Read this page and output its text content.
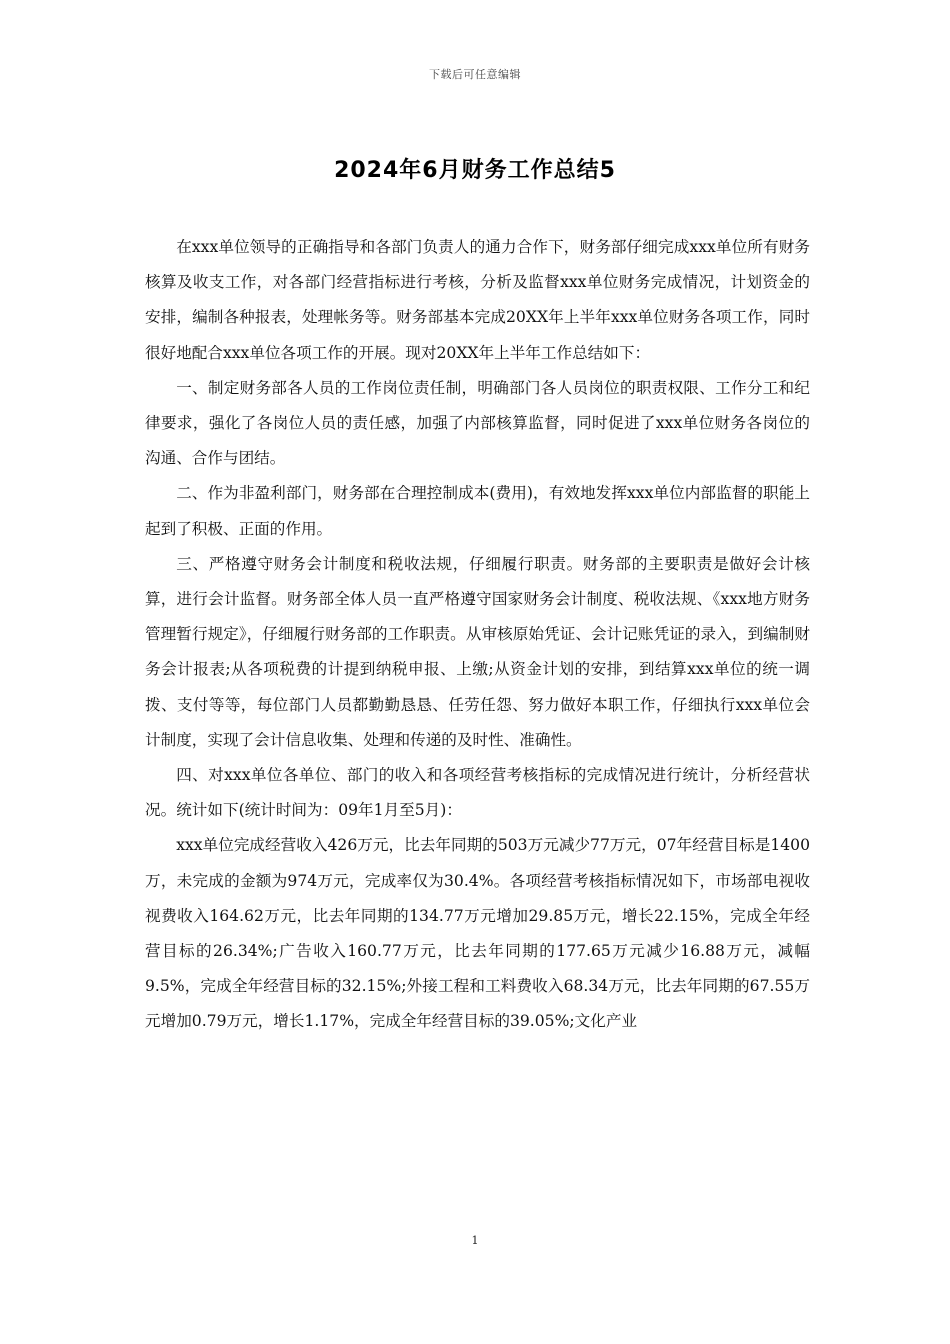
下载后可任意编辑
2024年6月财务工作总结5

在xxx单位领导的正确指导和各部门负责人的通力合作下，财务部仔细完成xxx单位所有财务核算及收支工作，对各部门经营指标进行考核，分析及监督xxx单位财务完成情况，计划资金的安排，编制各种报表，处理帐务等。财务部基本完成20XX年上半年xxx单位财务各项工作，同时很好地配合xxx单位各项工作的开展。现对20XX年上半年工作总结如下：

一、制定财务部各人员的工作岗位责任制，明确部门各人员岗位的职责权限、工作分工和纪律要求，强化了各岗位人员的责任感，加强了内部核算监督，同时促进了xxx单位财务各岗位的沟通、合作与团结。

二、作为非盈利部门，财务部在合理控制成本(费用)，有效地发挥xxx单位内部监督的职能上起到了积极、正面的作用。

三、严格遵守财务会计制度和税收法规，仔细履行职责。财务部的主要职责是做好会计核算，进行会计监督。财务部全体人员一直严格遵守国家财务会计制度、税收法规、《xxx地方财务管理暂行规定》，仔细履行财务部的工作职责。从审核原始凭证、会计记账凭证的录入，到编制财务会计报表;从各项税费的计提到纳税申报、上缴;从资金计划的安排，到结算xxx单位的统一调拨、支付等等，每位部门人员都勤勤恳恳、任劳任怨、努力做好本职工作，仔细执行xxx单位会计制度，实现了会计信息收集、处理和传递的及时性、准确性。

四、对xxx单位各单位、部门的收入和各项经营考核指标的完成情况进行统计，分析经营状况。统计如下(统计时间为：09年1月至5月)：

xxx单位完成经营收入426万元，比去年同期的503万元减少77万元，07年经营目标是1400万，未完成的金额为974万元，完成率仅为30.4%。各项经营考核指标情况如下，市场部电视收视费收入164.62万元，比去年同期的134.77万元增加29.85万元，增长22.15%，完成全年经营目标的26.34%;广告收入160.77万元，比去年同期的177.65万元减少16.88万元，减幅9.5%，完成全年经营目标的32.15%;外接工程和工料费收入68.34万元，比去年同期的67.55万元增加0.79万元，增长1.17%，完成全年经营目标的39.05%;文化产业

1
